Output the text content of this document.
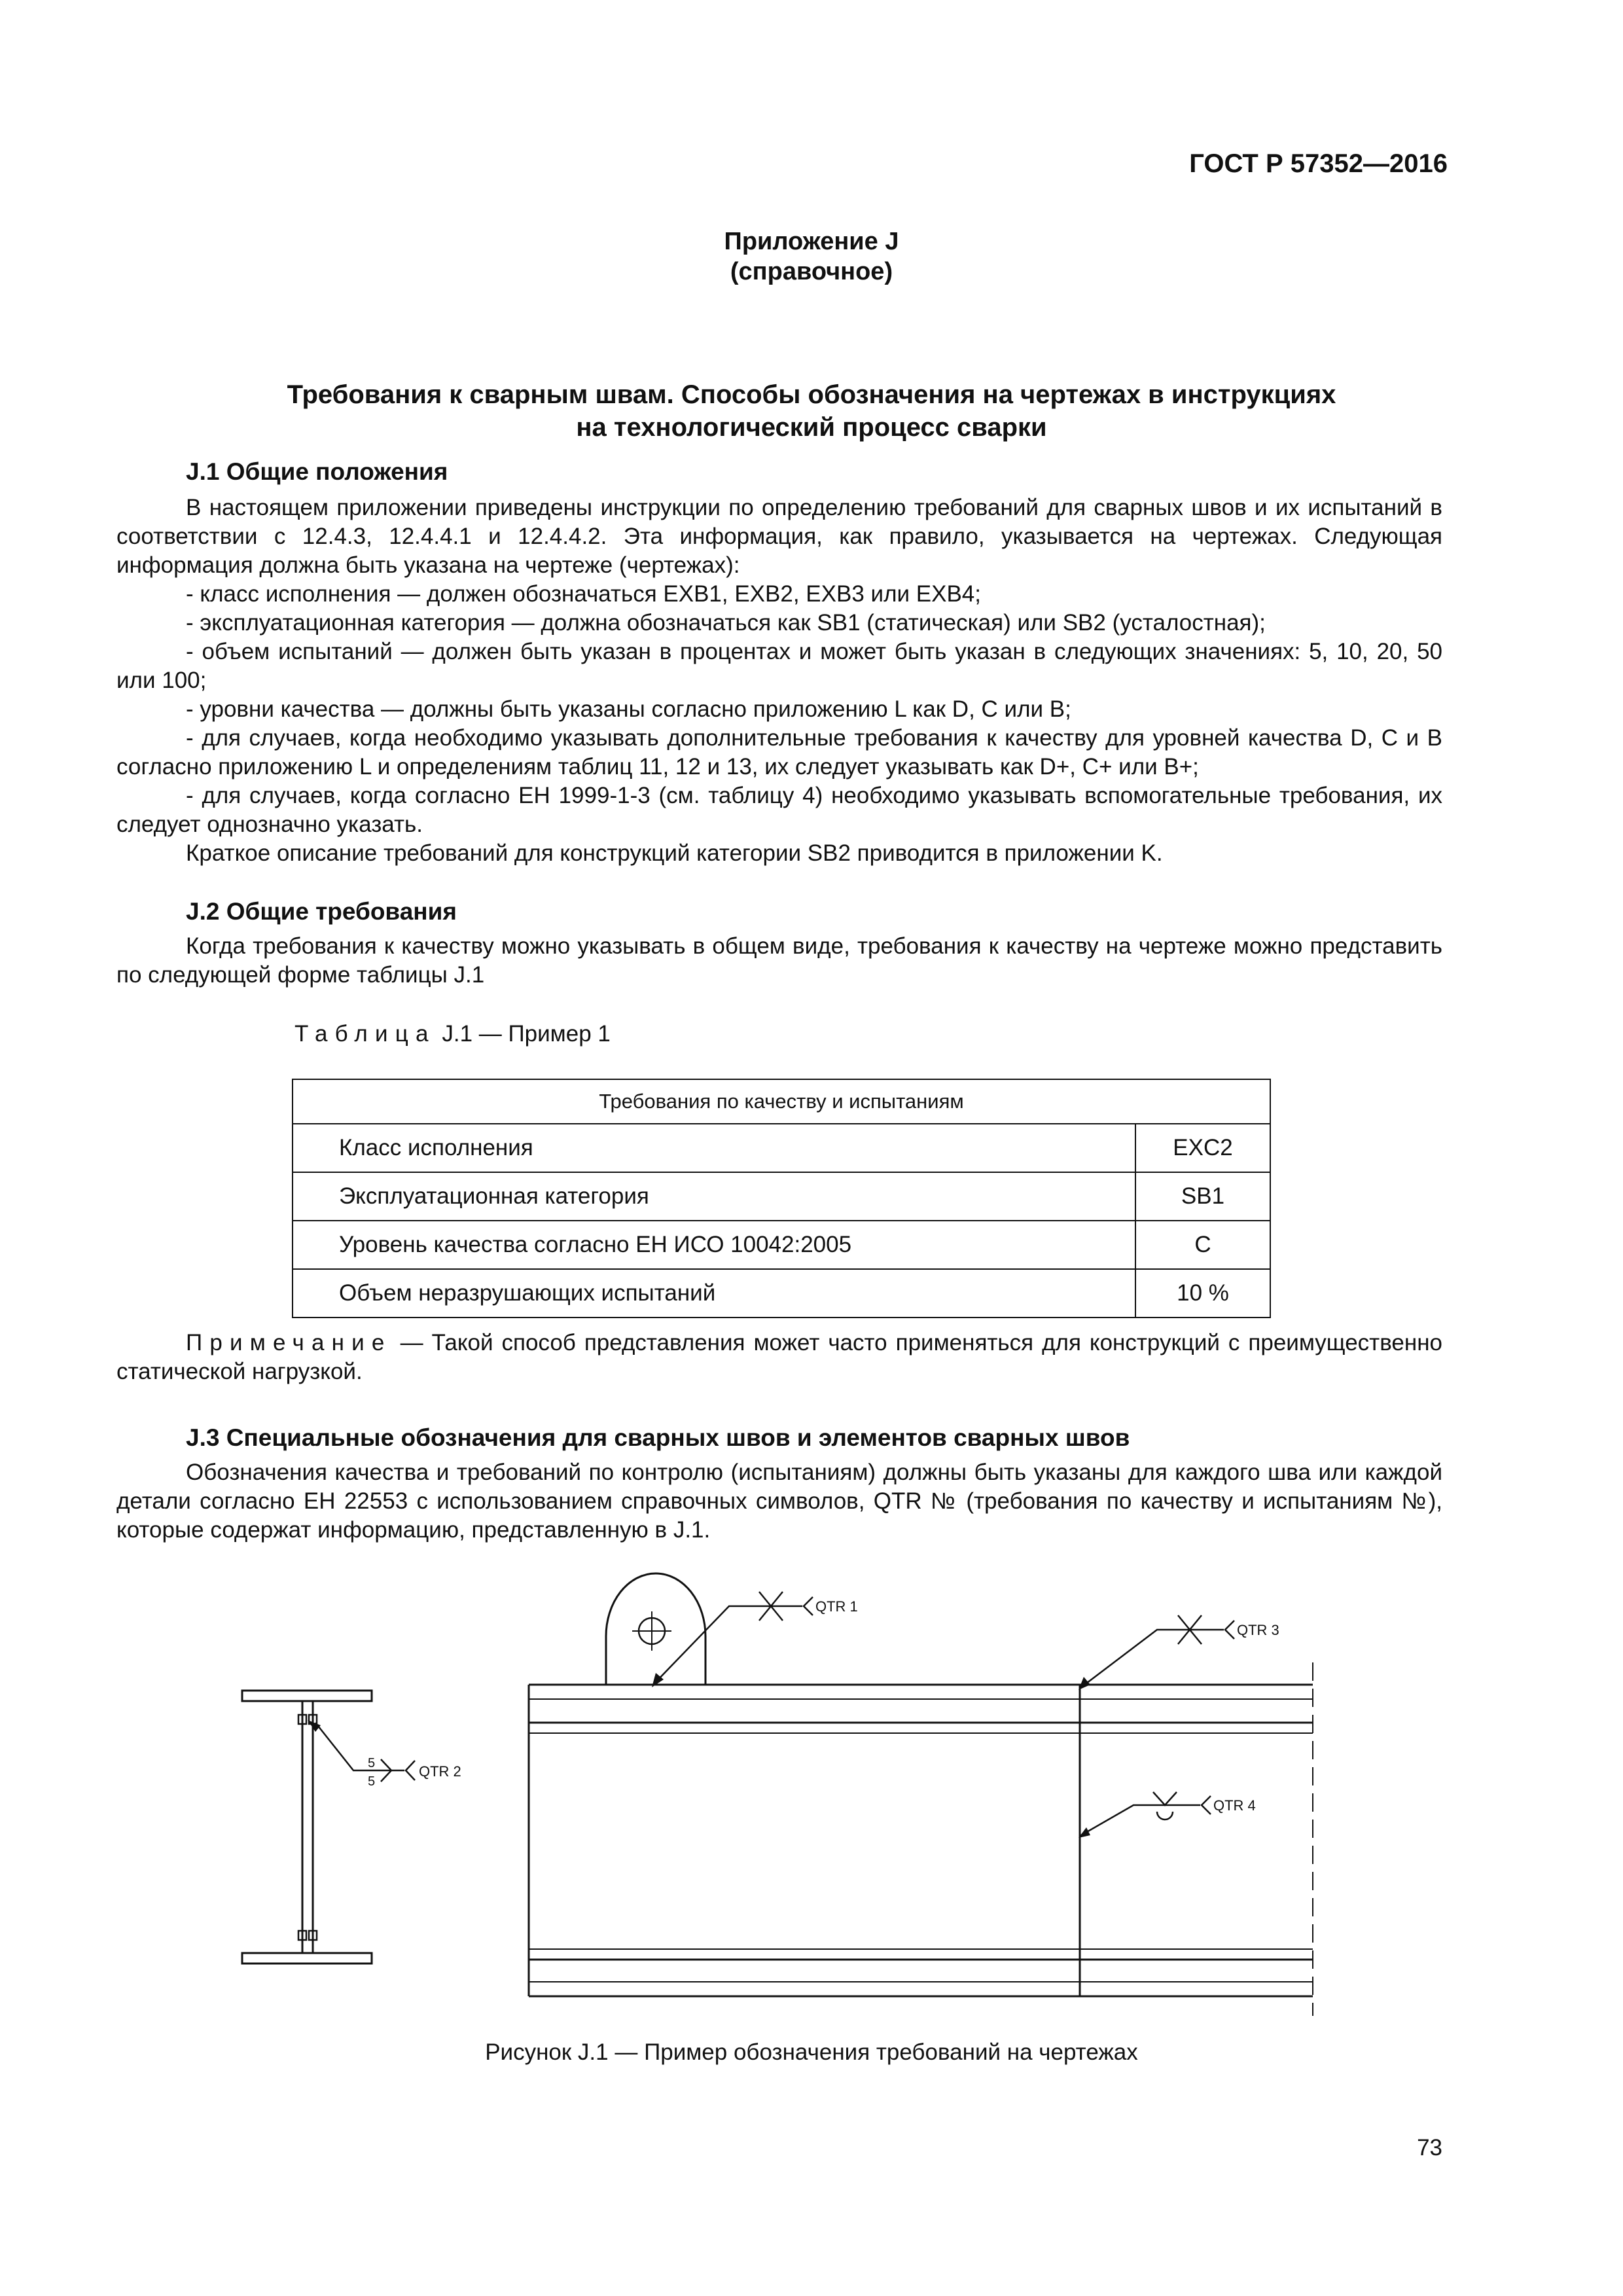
ГОСТ Р 57352—2016
Приложение J
(справочное)
Требования к сварным швам. Способы обозначения на чертежах в инструкциях
на технологический процесс сварки
J.1 Общие положения

В настоящем приложении приведены инструкции по определению требований для сварных швов и их испытаний в соответствии с 12.4.3, 12.4.4.1 и 12.4.4.2. Эта информация, как правило, указывается на чертежах. Следующая информация должна быть указана на чертеже (чертежах):

- класс исполнения — должен обозначаться ЕХВ1, ЕХВ2, ЕХВ3 или ЕХВ4;

- эксплуатационная категория — должна обозначаться как SB1 (статическая) или SB2 (усталостная);

- объем испытаний — должен быть указан в процентах и может быть указан в следующих значениях: 5, 10, 20, 50 или 100;

- уровни качества — должны быть указаны согласно приложению L как D, C или B;

- для случаев, когда необходимо указывать дополнительные требования к качеству для уровней качества D, C и B согласно приложению L и определениям таблиц 11, 12 и 13, их следует указывать как D+, C+ или B+;

- для случаев, когда согласно ЕН 1999-1-3 (см. таблицу 4) необходимо указывать вспомогательные требования, их следует однозначно указать.

Краткое описание требований для конструкций категории SB2 приводится в приложении K.

J.2 Общие требования

Когда требования к качеству можно указывать в общем виде, требования к качеству на чертеже можно представить по следующей форме таблицы J.1

Таблица J.1 — Пример 1
Требования по качеству и испытаниям	
Класс исполнения	EXC2
Эксплуатационная категория	SB1
Уровень качества согласно ЕН ИСО 10042:2005	C
Объем неразрушающих испытаний	10 %

Примечание — Такой способ представления может часто применяться для конструкций с преимущественно статической нагрузкой.

J.3 Специальные обозначения для сварных швов и элементов сварных швов

Обозначения качества и требований по контролю (испытаниям) должны быть указаны для каждого шва или каждой детали согласно ЕН 22553 с использованием справочных символов, QTR № (требования по качеству и испытаниям №), которые содержат информацию, представленную в J.1.

QTR 1
QTR 3
QTR 4
QTR 2
5
5
Рисунок J.1 — Пример обозначения требований на чертежах
73
